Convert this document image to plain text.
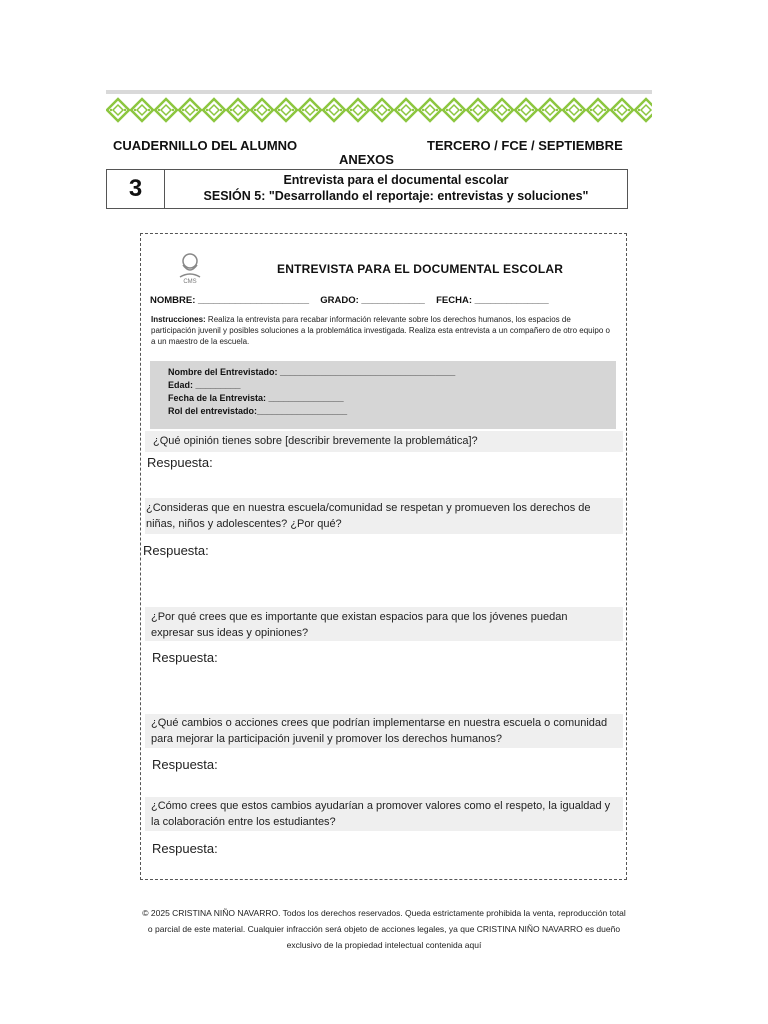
CUADERNILLO DEL ALUMNO	TERCERO / FCE / SEPTIEMBRE
ANEXOS
3	Entrevista para el documental escolar
SESIÓN 5: "Desarrollando el reportaje: entrevistas y soluciones"
CMS
ENTREVISTA PARA EL DOCUMENTAL ESCOLAR
NOMBRE: _____________________ GRADO: ____________ FECHA: ______________
Instrucciones: Realiza la entrevista para recabar información relevante sobre los derechos humanos, los espacios de participación juvenil y posibles soluciones a la problemática investigada. Realiza esta entrevista a un compañero de otro equipo o a un maestro de la escuela.
Nombre del Entrevistado: ___________________________________
Edad: _________
Fecha de la Entrevista: _______________
Rol del entrevistado:__________________
¿Qué opinión tienes sobre [describir brevemente la problemática]?
Respuesta:
¿Consideras que en nuestra escuela/comunidad se respetan y promueven los derechos de niñas, niños y adolescentes? ¿Por qué?
Respuesta:
¿Por qué crees que es importante que existan espacios para que los jóvenes puedan expresar sus ideas y opiniones?
Respuesta:
¿Qué cambios o acciones crees que podrían implementarse en nuestra escuela o comunidad para mejorar la participación juvenil y promover los derechos humanos?
Respuesta:
¿Cómo crees que estos cambios ayudarían a promover valores como el respeto, la igualdad y la colaboración entre los estudiantes?
Respuesta:
© 2025 CRISTINA NIÑO NAVARRO. Todos los derechos reservados. Queda estrictamente prohibida la venta, reproducción total
o parcial de este material. Cualquier infracción será objeto de acciones legales, ya que CRISTINA NIÑO NAVARRO es dueño
exclusivo de la propiedad intelectual contenida aquí
